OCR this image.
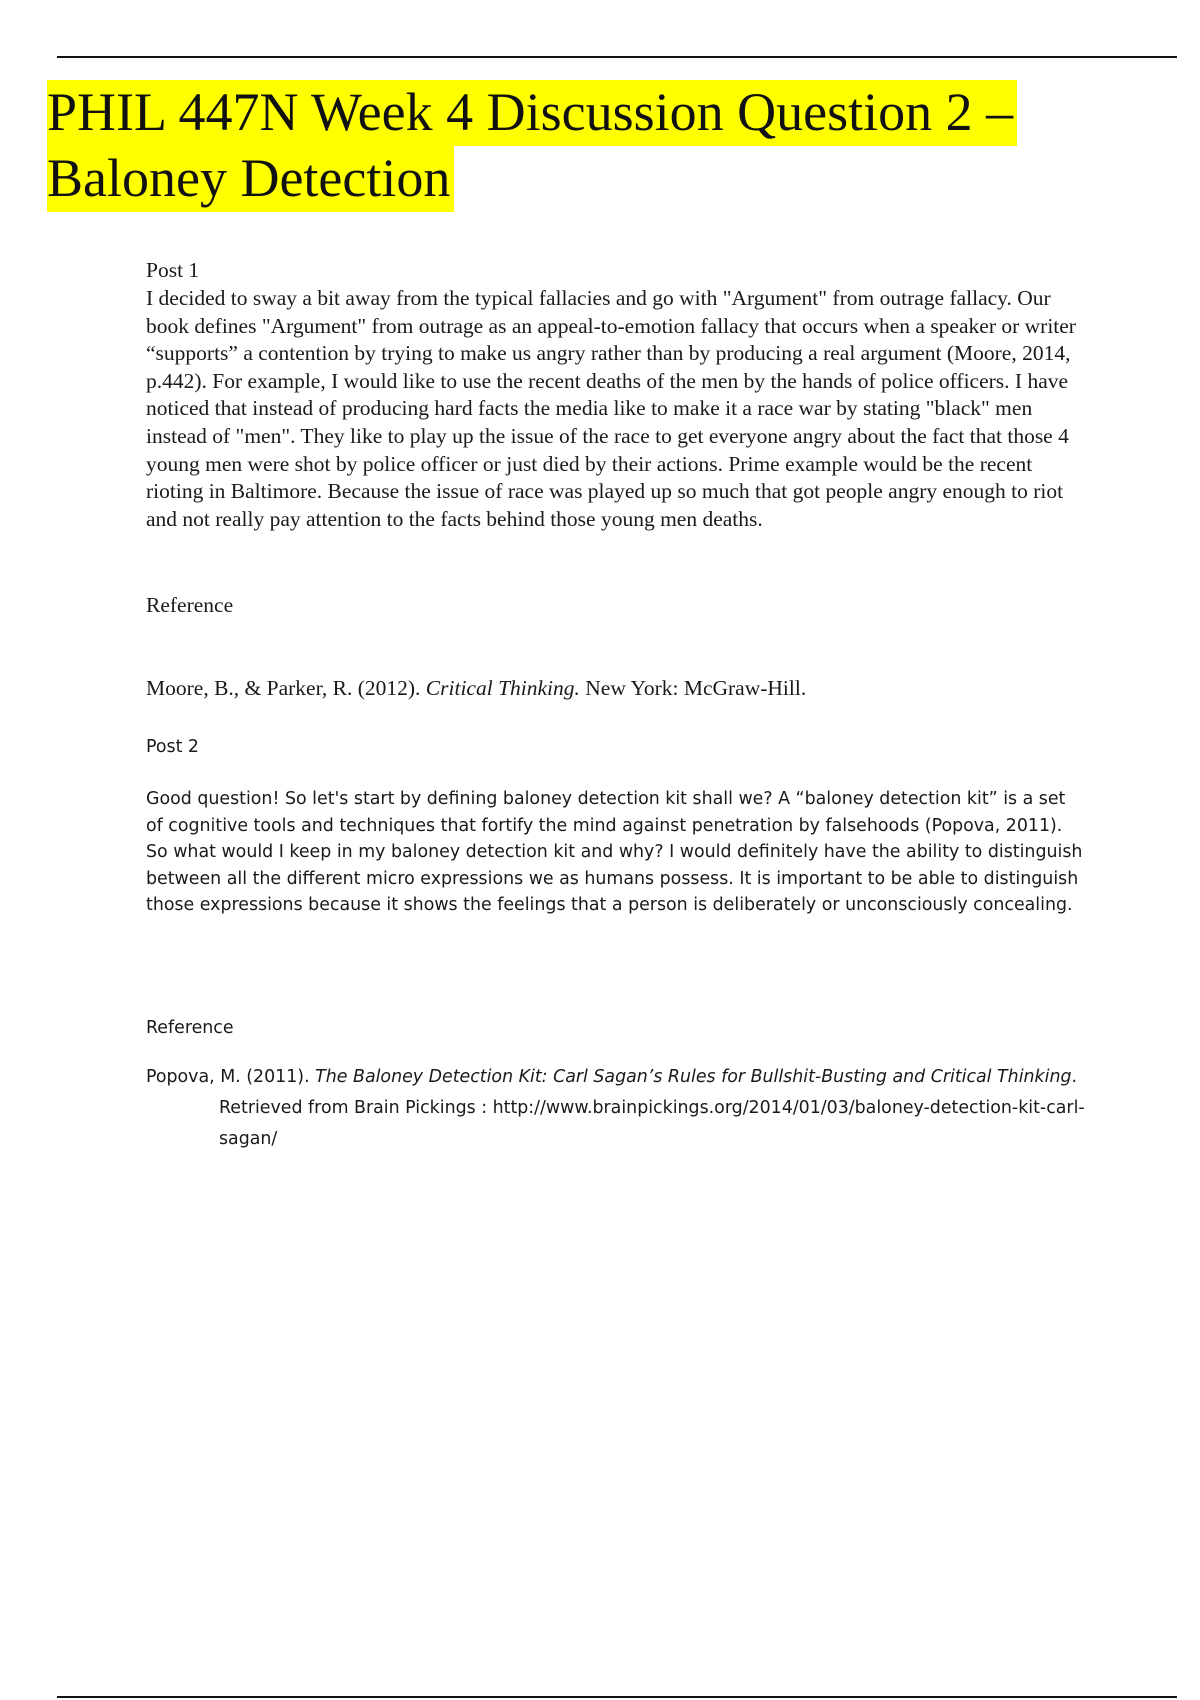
PHIL 447N Week 4 Discussion Question 2 –
Baloney Detection

Post 1

I decided to sway a bit away from the typical fallacies and go with "Argument" from outrage fallacy. Our book defines "Argument" from outrage as an appeal-to-emotion fallacy that occurs when a speaker or writer “supports” a contention by trying to make us angry rather than by producing a real argument (Moore, 2014, p.442). For example, I would like to use the recent deaths of the men by the hands of police officers. I have noticed that instead of producing hard facts the media like to make it a race war by stating "black" men instead of "men". They like to play up the issue of the race to get everyone angry about the fact that those 4 young men were shot by police officer or just died by their actions. Prime example would be the recent rioting in Baltimore. Because the issue of race was played up so much that got people angry enough to riot and not really pay attention to the facts behind those young men deaths.

Reference

Moore, B., & Parker, R. (2012). Critical Thinking. New York: McGraw-Hill.

Post 2

Good question! So let's start by defining baloney detection kit shall we? A “baloney detection kit” is a set of cognitive tools and techniques that fortify the mind against penetration by falsehoods (Popova, 2011). So what would I keep in my baloney detection kit and why? I would definitely have the ability to distinguish between all the different micro expressions we as humans possess. It is important to be able to distinguish those expressions because it shows the feelings that a person is deliberately or unconsciously concealing.

Reference

Popova, M. (2011). The Baloney Detection Kit: Carl Sagan’s Rules for Bullshit-Busting and Critical Thinking. Retrieved from Brain Pickings : http://www.brainpickings.org/2014/01/03/baloney-detection-kit-carl-sagan/
